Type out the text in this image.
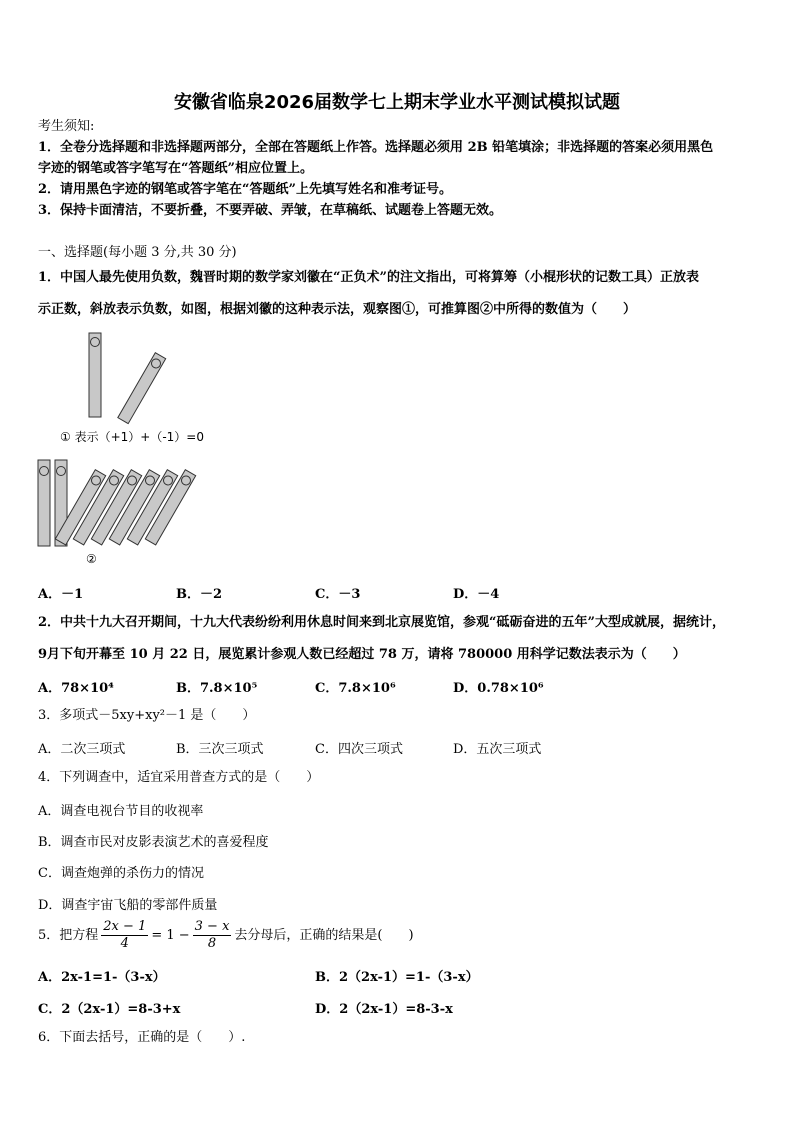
安徽省临泉2026届数学七上期末学业水平测试模拟试题
考生须知:
1．全卷分选择题和非选择题两部分，全部在答题纸上作答。选择题必须用 2B 铅笔填涂；非选择题的答案必须用黑色
字迹的钢笔或答字笔写在“答题纸”相应位置上。
2．请用黑色字迹的钢笔或答字笔在“答题纸”上先填写姓名和准考证号。
3．保持卡面清洁，不要折叠，不要弄破、弄皱，在草稿纸、试题卷上答题无效。
一、选择题(每小题 3 分,共 30 分)
1．中国人最先使用负数，魏晋时期的数学家刘徽在“正负术”的注文指出，可将算筹（小棍形状的记数工具）正放表
示正数，斜放表示负数，如图，根据刘徽的这种表示法，观察图①，可推算图②中所得的数值为（　　）
① 表示（+1）+（-1）=0
②
A．－1	B．－2	C．－3	D．－4
2．中共十九大召开期间，十九大代表纷纷利用休息时间来到北京展览馆，参观“砥砺奋进的五年”大型成就展，据统计，
9月下旬开幕至 10 月 22 日，展览累计参观人数已经超过 78 万，请将 780000 用科学记数法表示为（　　）
A．78×10⁴	B．7.8×10⁵	C．7.8×10⁶	D．0.78×10⁶
3．多项式－5xy+xy²－1 是（　　）
A．二次三项式	B．三次三项式	C．四次三项式	D．五次三项式
4．下列调查中，适宜采用普查方式的是（　　）
A．调查电视台节目的收视率
B．调查市民对皮影表演艺术的喜爱程度
C．调查炮弹的杀伤力的情况
D．调查宇宙飞船的零部件质量
5．把方程 $\frac{2x - 1}{4} = 1 - \frac{3 - x}{8}$ 去分母后，正确的结果是(　　)
A．2x-1=1-（3-x）	B．2（2x-1）=1-（3-x）
C．2（2x-1）=8-3+x	D．2（2x-1）=8-3-x
6．下面去括号，正确的是（　　）.
